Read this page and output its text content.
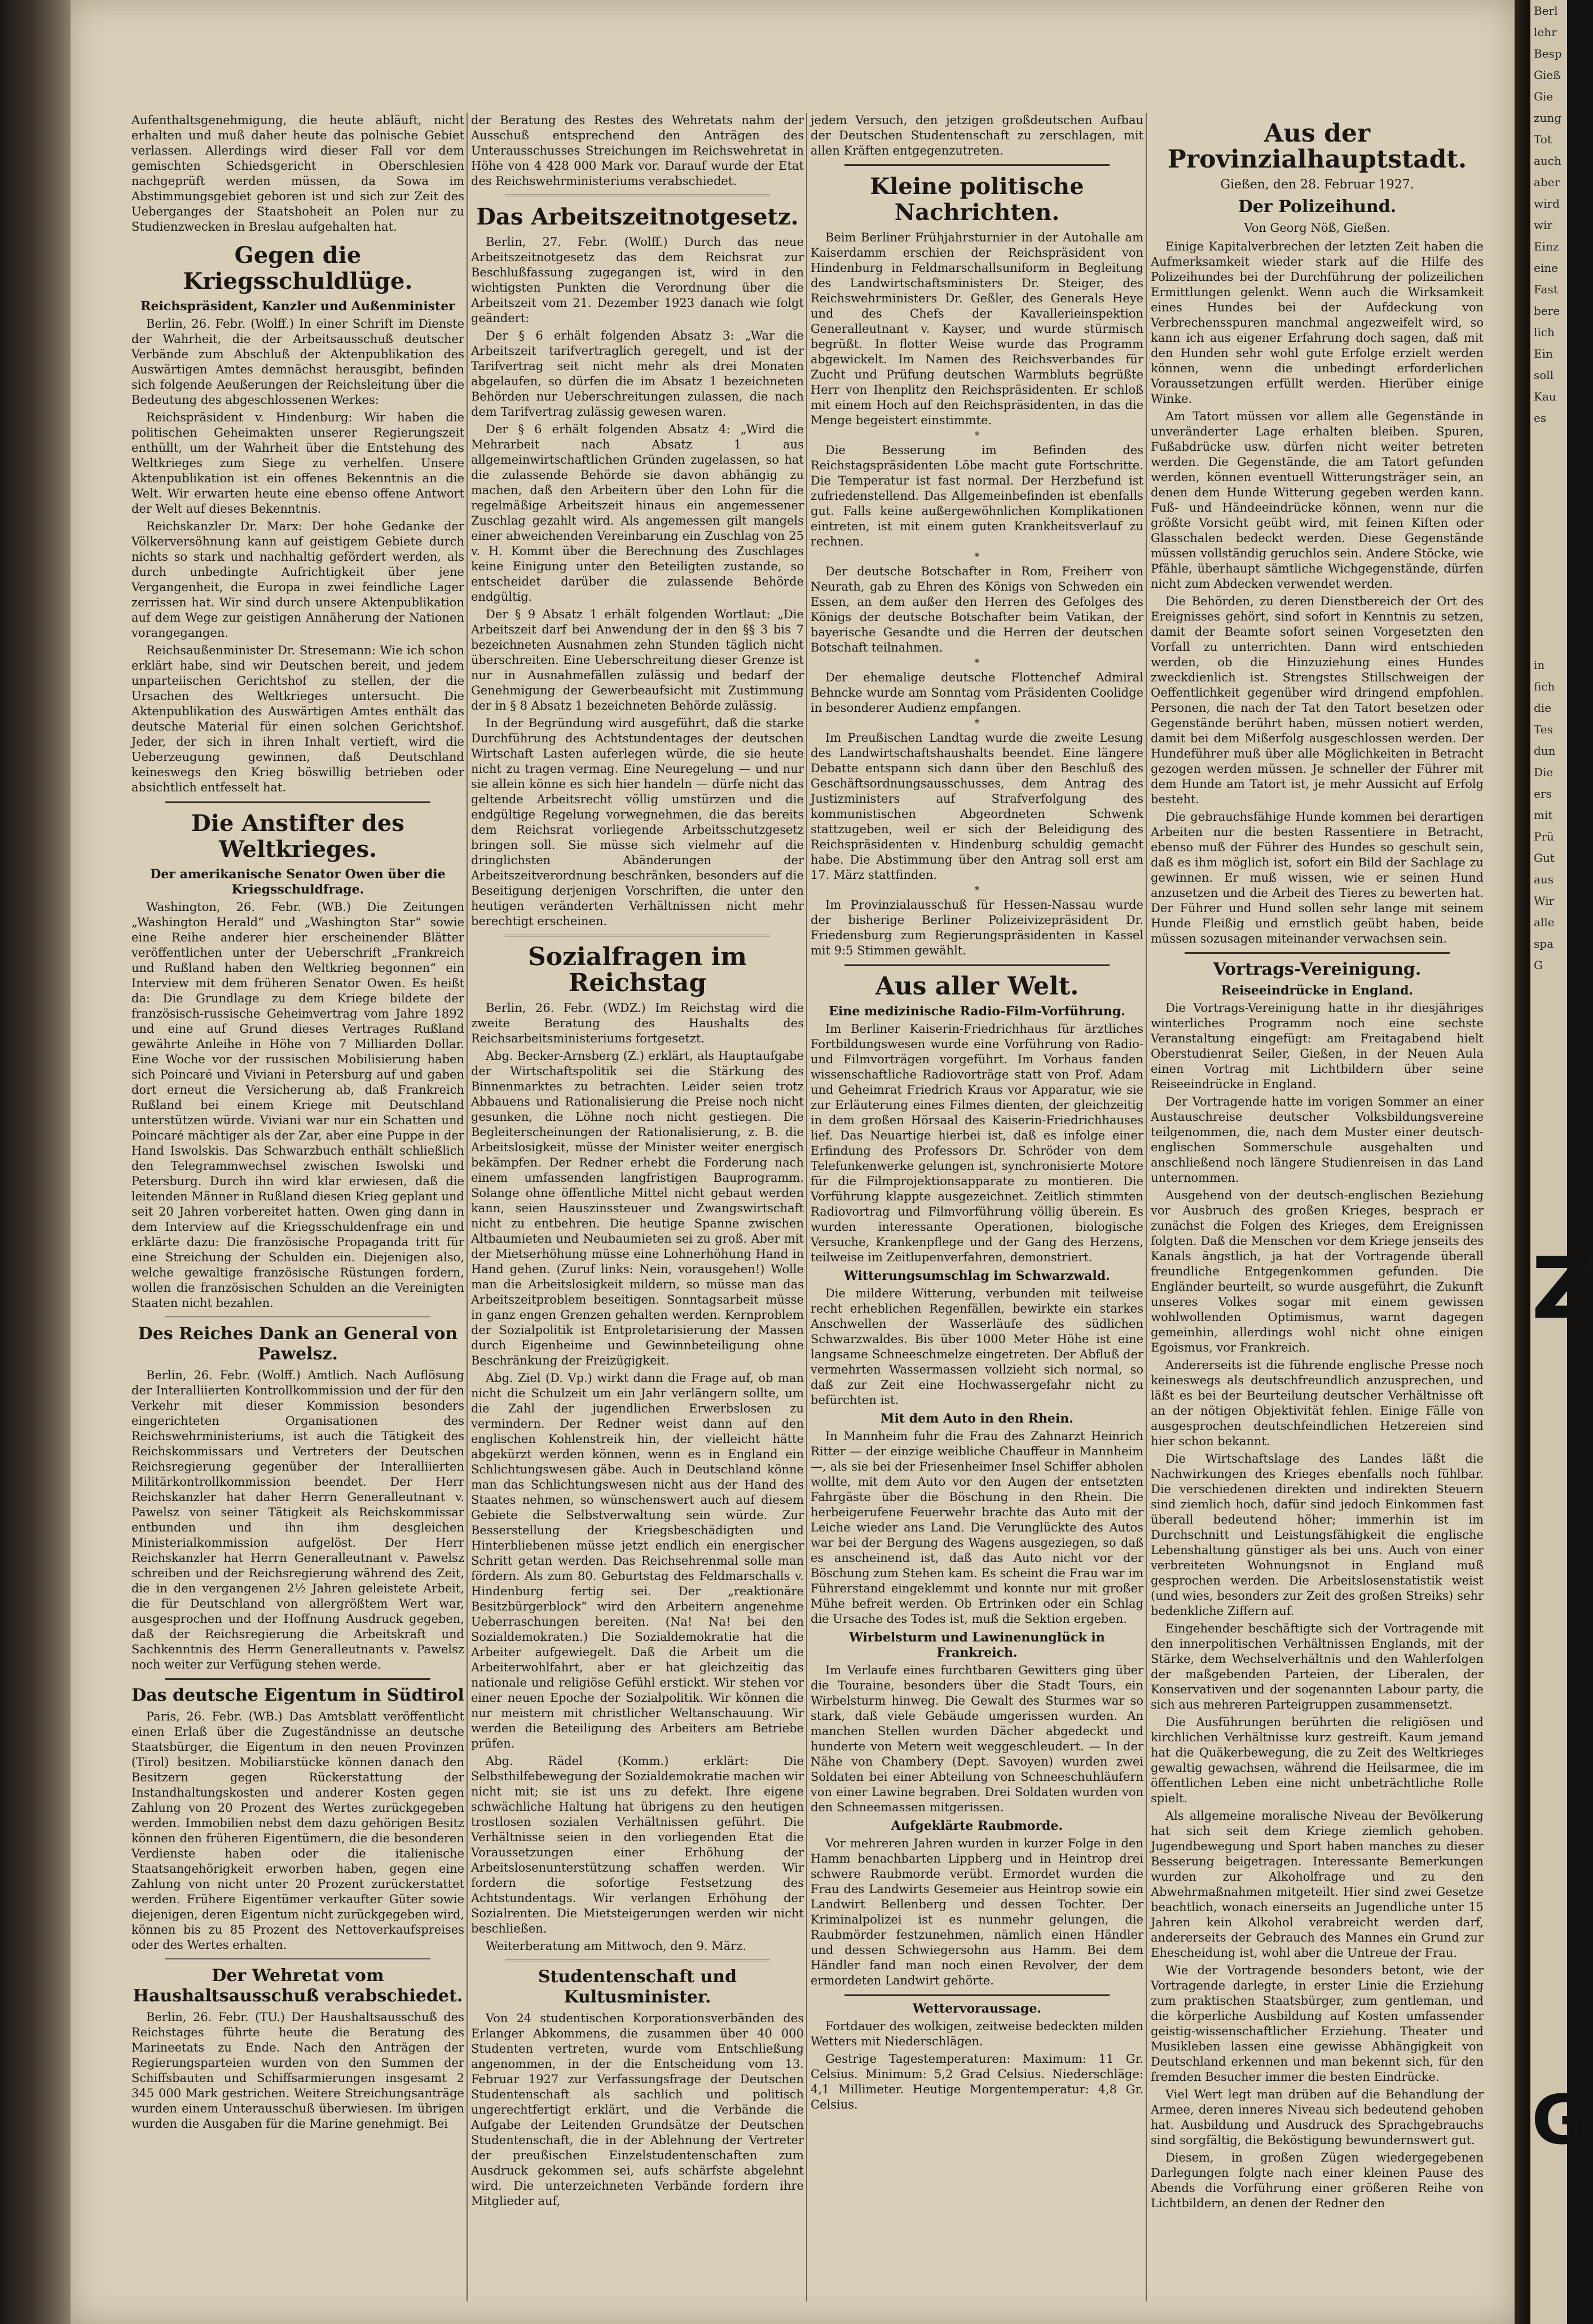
Aufenthaltsgenehmigung, die heute abläuft, nicht erhalten und muß daher heute das polnische Gebiet verlassen. Allerdings wird dieser Fall vor dem gemischten Schiedsgericht in Oberschlesien nachgeprüft werden müssen, da Sowa im Abstimmungsgebiet geboren ist und sich zur Zeit des Ueberganges der Staatshoheit an Polen nur zu Studienzwecken in Breslau aufgehalten hat.

Gegen die Kriegsschuldlüge.
Reichspräsident, Kanzler und Außenminister

Berlin, 26. Febr. (Wolff.) In einer Schrift im Dienste der Wahrheit, die der Arbeitsausschuß deutscher Verbände zum Abschluß der Aktenpublikation des Auswärtigen Amtes demnächst herausgibt, befinden sich folgende Aeußerungen der Reichsleitung über die Bedeutung des abgeschlossenen Werkes:

Reichspräsident v. Hindenburg: Wir haben die politischen Geheimakten unserer Regierungszeit enthüllt, um der Wahrheit über die Entstehung des Weltkrieges zum Siege zu verhelfen. Unsere Aktenpublikation ist ein offenes Bekenntnis an die Welt. Wir erwarten heute eine ebenso offene Antwort der Welt auf dieses Bekenntnis.

Reichskanzler Dr. Marx: Der hohe Gedanke der Völkerversöhnung kann auf geistigem Gebiete durch nichts so stark und nachhaltig gefördert werden, als durch unbedingte Aufrichtigkeit über jene Vergangenheit, die Europa in zwei feindliche Lager zerrissen hat. Wir sind durch unsere Aktenpublikation auf dem Wege zur geistigen Annäherung der Nationen vorangegangen.

Reichsaußenminister Dr. Stresemann: Wie ich schon erklärt habe, sind wir Deutschen bereit, und jedem unparteiischen Gerichtshof zu stellen, der die Ursachen des Weltkrieges untersucht. Die Aktenpublikation des Auswärtigen Amtes enthält das deutsche Material für einen solchen Gerichtshof. Jeder, der sich in ihren Inhalt vertieft, wird die Ueberzeugung gewinnen, daß Deutschland keineswegs den Krieg böswillig betrieben oder absichtlich entfesselt hat.

Die Anstifter des Weltkrieges.
Der amerikanische Senator Owen über die Kriegsschuldfrage.

Washington, 26. Febr. (WB.) Die Zeitungen „Washington Herald“ und „Washington Star“ sowie eine Reihe anderer hier erscheinender Blätter veröffentlichen unter der Ueberschrift „Frankreich und Rußland haben den Weltkrieg begonnen“ ein Interview mit dem früheren Senator Owen. Es heißt da: Die Grundlage zu dem Kriege bildete der französisch-russische Geheimvertrag vom Jahre 1892 und eine auf Grund dieses Vertrages Rußland gewährte Anleihe in Höhe von 7 Milliarden Dollar. Eine Woche vor der russischen Mobilisierung haben sich Poincaré und Viviani in Petersburg auf und gaben dort erneut die Versicherung ab, daß Frankreich Rußland bei einem Kriege mit Deutschland unterstützen würde. Viviani war nur ein Schatten und Poincaré mächtiger als der Zar, aber eine Puppe in der Hand Iswolskis. Das Schwarzbuch enthält schließlich den Telegrammwechsel zwischen Iswolski und Petersburg. Durch ihn wird klar erwiesen, daß die leitenden Männer in Rußland diesen Krieg geplant und seit 20 Jahren vorbereitet hatten. Owen ging dann in dem Interview auf die Kriegsschuldenfrage ein und erklärte dazu: Die französische Propaganda tritt für eine Streichung der Schulden ein. Diejenigen also, welche gewaltige französische Rüstungen fordern, wollen die französischen Schulden an die Vereinigten Staaten nicht bezahlen.

Des Reiches Dank an General von Pawelsz.

Berlin, 26. Febr. (Wolff.) Amtlich. Nach Auflösung der Interalliierten Kontrollkommission und der für den Verkehr mit dieser Kommission besonders eingerichteten Organisationen des Reichswehrministeriums, ist auch die Tätigkeit des Reichskommissars und Vertreters der Deutschen Reichsregierung gegenüber der Interalliierten Militärkontrollkommission beendet. Der Herr Reichskanzler hat daher Herrn Generalleutnant v. Pawelsz von seiner Tätigkeit als Reichskommissar entbunden und ihn ihm desgleichen Ministerialkommission aufgelöst. Der Herr Reichskanzler hat Herrn Generalleutnant v. Pawelsz schreiben und der Reichsregierung während des Zeit, die in den vergangenen 2½ Jahren geleistete Arbeit, die für Deutschland von allergrößtem Wert war, ausgesprochen und der Hoffnung Ausdruck gegeben, daß der Reichsregierung die Arbeitskraft und Sachkenntnis des Herrn Generalleutnants v. Pawelsz noch weiter zur Verfügung stehen werde.

Das deutsche Eigentum in Südtirol

Paris, 26. Febr. (WB.) Das Amtsblatt veröffentlicht einen Erlaß über die Zugeständnisse an deutsche Staatsbürger, die Eigentum in den neuen Provinzen (Tirol) besitzen. Mobiliarstücke können danach den Besitzern gegen Rückerstattung der Instandhaltungskosten und anderer Kosten gegen Zahlung von 20 Prozent des Wertes zurückgegeben werden. Immobilien nebst dem dazu gehörigen Besitz können den früheren Eigentümern, die die besonderen Verdienste haben oder die italienische Staatsangehörigkeit erworben haben, gegen eine Zahlung von nicht unter 20 Prozent zurückerstattet werden. Frühere Eigentümer verkaufter Güter sowie diejenigen, deren Eigentum nicht zurückgegeben wird, können bis zu 85 Prozent des Nettoverkaufspreises oder des Wertes erhalten.

Der Wehretat vom Haushaltsausschuß verabschiedet.

Berlin, 26. Febr. (TU.) Der Haushaltsausschuß des Reichstages führte heute die Beratung des Marineetats zu Ende. Nach den Anträgen der Regierungsparteien wurden von den Summen der Schiffsbauten und Schiffsarmierungen insgesamt 2 345 000 Mark gestrichen. Weitere Streichungsanträge wurden einem Unterausschuß überwiesen. Im übrigen wurden die Ausgaben für die Marine genehmigt. Bei

der Beratung des Restes des Wehretats nahm der Ausschuß entsprechend den Anträgen des Unterausschusses Streichungen im Reichswehretat in Höhe von 4 428 000 Mark vor. Darauf wurde der Etat des Reichswehrministeriums verabschiedet.

Das Arbeitszeitnotgesetz.

Berlin, 27. Febr. (Wolff.) Durch das neue Arbeitszeitnotgesetz das dem Reichsrat zur Beschlußfassung zugegangen ist, wird in den wichtigsten Punkten die Verordnung über die Arbeitszeit vom 21. Dezember 1923 danach wie folgt geändert:

Der § 6 erhält folgenden Absatz 3: „War die Arbeitszeit tarifvertraglich geregelt, und ist der Tarifvertrag seit nicht mehr als drei Monaten abgelaufen, so dürfen die im Absatz 1 bezeichneten Behörden nur Ueberschreitungen zulassen, die nach dem Tarifvertrag zulässig gewesen waren.

Der § 6 erhält folgenden Absatz 4: „Wird die Mehrarbeit nach Absatz 1 aus allgemeinwirtschaftlichen Gründen zugelassen, so hat die zulassende Behörde sie davon abhängig zu machen, daß den Arbeitern über den Lohn für die regelmäßige Arbeitszeit hinaus ein angemessener Zuschlag gezahlt wird. Als angemessen gilt mangels einer abweichenden Vereinbarung ein Zuschlag von 25 v. H. Kommt über die Berechnung des Zuschlages keine Einigung unter den Beteiligten zustande, so entscheidet darüber die zulassende Behörde endgültig.

Der § 9 Absatz 1 erhält folgenden Wortlaut: „Die Arbeitszeit darf bei Anwendung der in den §§ 3 bis 7 bezeichneten Ausnahmen zehn Stunden täglich nicht überschreiten. Eine Ueberschreitung dieser Grenze ist nur in Ausnahmefällen zulässig und bedarf der Genehmigung der Gewerbeaufsicht mit Zustimmung der in § 8 Absatz 1 bezeichneten Behörde zulässig.

In der Begründung wird ausgeführt, daß die starke Durchführung des Achtstundentages der deutschen Wirtschaft Lasten auferlegen würde, die sie heute nicht zu tragen vermag. Eine Neuregelung — und nur sie allein könne es sich hier handeln — dürfe nicht das geltende Arbeitsrecht völlig umstürzen und die endgültige Regelung vorwegnehmen, die das bereits dem Reichsrat vorliegende Arbeitsschutzgesetz bringen soll. Sie müsse sich vielmehr auf die dringlichsten Abänderungen der Arbeitszeitverordnung beschränken, besonders auf die Beseitigung derjenigen Vorschriften, die unter den heutigen veränderten Verhältnissen nicht mehr berechtigt erscheinen.

Sozialfragen im Reichstag

Berlin, 26. Febr. (WDZ.) Im Reichstag wird die zweite Beratung des Haushalts des Reichsarbeitsministeriums fortgesetzt.

Abg. Becker-Arnsberg (Z.) erklärt, als Hauptaufgabe der Wirtschaftspolitik sei die Stärkung des Binnenmarktes zu betrachten. Leider seien trotz Abbauens und Rationalisierung die Preise noch nicht gesunken, die Löhne noch nicht gestiegen. Die Begleiterscheinungen der Rationalisierung, z. B. die Arbeitslosigkeit, müsse der Minister weiter energisch bekämpfen. Der Redner erhebt die Forderung nach einem umfassenden langfristigen Bauprogramm. Solange ohne öffentliche Mittel nicht gebaut werden kann, seien Hauszinssteuer und Zwangswirtschaft nicht zu entbehren. Die heutige Spanne zwischen Altbaumieten und Neubaumieten sei zu groß. Aber mit der Mietserhöhung müsse eine Lohnerhöhung Hand in Hand gehen. (Zuruf links: Nein, vorausgehen!) Wolle man die Arbeitslosigkeit mildern, so müsse man das Arbeitszeitproblem beseitigen. Sonntagsarbeit müsse in ganz engen Grenzen gehalten werden. Kernproblem der Sozialpolitik ist Entproletarisierung der Massen durch Eigenheime und Gewinnbeteiligung ohne Beschränkung der Freizügigkeit.

Abg. Ziel (D. Vp.) wirkt dann die Frage auf, ob man nicht die Schulzeit um ein Jahr verlängern sollte, um die Zahl der jugendlichen Erwerbslosen zu vermindern. Der Redner weist dann auf den englischen Kohlenstreik hin, der vielleicht hätte abgekürzt werden können, wenn es in England ein Schlichtungswesen gäbe. Auch in Deutschland könne man das Schlichtungswesen nicht aus der Hand des Staates nehmen, so wünschenswert auch auf diesem Gebiete die Selbstverwaltung sein würde. Zur Besserstellung der Kriegsbeschädigten und Hinterbliebenen müsse jetzt endlich ein energischer Schritt getan werden. Das Reichsehrenmal solle man fördern. Als zum 80. Geburtstag des Feldmarschalls v. Hindenburg fertig sei. Der „reaktionäre Besitzbürgerblock“ wird den Arbeitern angenehme Ueberraschungen bereiten. (Na! Na! bei den Sozialdemokraten.) Die Sozialdemokratie hat die Arbeiter aufgewiegelt. Daß die Arbeit um die Arbeiterwohlfahrt, aber er hat gleichzeitig das nationale und religiöse Gefühl erstickt. Wir stehen vor einer neuen Epoche der Sozialpolitik. Wir können die nur meistern mit christlicher Weltanschauung. Wir werden die Beteiligung des Arbeiters am Betriebe prüfen.

Abg. Rädel (Komm.) erklärt: Die Selbsthilfebewegung der Sozialdemokratie machen wir nicht mit; sie ist uns zu defekt. Ihre eigene schwächliche Haltung hat übrigens zu den heutigen trostlosen sozialen Verhältnissen geführt. Die Verhältnisse seien in den vorliegenden Etat die Voraussetzungen einer Erhöhung der Arbeitslosenunterstützung schaffen werden. Wir fordern die sofortige Festsetzung des Achtstundentags. Wir verlangen Erhöhung der Sozialrenten. Die Mietsteigerungen werden wir nicht beschließen.

Weiterberatung am Mittwoch, den 9. März.

Studentenschaft und Kultusminister.

Von 24 studentischen Korporationsverbänden des Erlanger Abkommens, die zusammen über 40 000 Studenten vertreten, wurde vom Entschließung angenommen, in der die Entscheidung vom 13. Februar 1927 zur Verfassungsfrage der Deutschen Studentenschaft als sachlich und politisch ungerechtfertigt erklärt, und die Verbände die Aufgabe der Leitenden Grundsätze der Deutschen Studentenschaft, die in der Ablehnung der Vertreter der preußischen Einzelstudentenschaften zum Ausdruck gekommen sei, aufs schärfste abgelehnt wird. Die unterzeichneten Verbände fordern ihre Mitglieder auf,

jedem Versuch, den jetzigen großdeutschen Aufbau der Deutschen Studentenschaft zu zerschlagen, mit allen Kräften entgegenzutreten.

Kleine politische Nachrichten.

Beim Berliner Frühjahrsturnier in der Autohalle am Kaiserdamm erschien der Reichspräsident von Hindenburg in Feldmarschallsuniform in Begleitung des Landwirtschaftsministers Dr. Steiger, des Reichswehrministers Dr. Geßler, des Generals Heye und des Chefs der Kavallerieinspektion Generalleutnant v. Kayser, und wurde stürmisch begrüßt. In flotter Weise wurde das Programm abgewickelt. Im Namen des Reichsverbandes für Zucht und Prüfung deutschen Warmbluts begrüßte Herr von Ihenplitz den Reichspräsidenten. Er schloß mit einem Hoch auf den Reichspräsidenten, in das die Menge begeistert einstimmte.

*

Die Besserung im Befinden des Reichstagspräsidenten Löbe macht gute Fortschritte. Die Temperatur ist fast normal. Der Herzbefund ist zufriedenstellend. Das Allgemeinbefinden ist ebenfalls gut. Falls keine außergewöhnlichen Komplikationen eintreten, ist mit einem guten Krankheitsverlauf zu rechnen.

*

Der deutsche Botschafter in Rom, Freiherr von Neurath, gab zu Ehren des Königs von Schweden ein Essen, an dem außer den Herren des Gefolges des Königs der deutsche Botschafter beim Vatikan, der bayerische Gesandte und die Herren der deutschen Botschaft teilnahmen.

*

Der ehemalige deutsche Flottenchef Admiral Behncke wurde am Sonntag vom Präsidenten Coolidge in besonderer Audienz empfangen.

*

Im Preußischen Landtag wurde die zweite Lesung des Landwirtschaftshaushalts beendet. Eine längere Debatte entspann sich dann über den Beschluß des Geschäftsordnungsausschusses, dem Antrag des Justizministers auf Strafverfolgung des kommunistischen Abgeordneten Schwenk stattzugeben, weil er sich der Beleidigung des Reichspräsidenten v. Hindenburg schuldig gemacht habe. Die Abstimmung über den Antrag soll erst am 17. März stattfinden.

*

Im Provinzialausschuß für Hessen-Nassau wurde der bisherige Berliner Polizeivizepräsident Dr. Friedensburg zum Regierungspräsidenten in Kassel mit 9:5 Stimmen gewählt.

Aus aller Welt.
Eine medizinische Radio-Film-Vorführung.

Im Berliner Kaiserin-Friedrichhaus für ärztliches Fortbildungswesen wurde eine Vorführung von Radio- und Filmvorträgen vorgeführt. Im Vorhaus fanden wissenschaftliche Radiovorträge statt von Prof. Adam und Geheimrat Friedrich Kraus vor Apparatur, wie sie zur Erläuterung eines Filmes dienten, der gleichzeitig in dem großen Hörsaal des Kaiserin-Friedrichhauses lief. Das Neuartige hierbei ist, daß es infolge einer Erfindung des Professors Dr. Schröder von dem Telefunkenwerke gelungen ist, synchronisierte Motore für die Filmprojektionsapparate zu montieren. Die Vorführung klappte ausgezeichnet. Zeitlich stimmten Radiovortrag und Filmvorführung völlig überein. Es wurden interessante Operationen, biologische Versuche, Krankenpflege und der Gang des Herzens, teilweise im Zeitlupenverfahren, demonstriert.

Witterungsumschlag im Schwarzwald.

Die mildere Witterung, verbunden mit teilweise recht erheblichen Regenfällen, bewirkte ein starkes Anschwellen der Wasserläufe des südlichen Schwarzwaldes. Bis über 1000 Meter Höhe ist eine langsame Schneeschmelze eingetreten. Der Abfluß der vermehrten Wassermassen vollzieht sich normal, so daß zur Zeit eine Hochwassergefahr nicht zu befürchten ist.

Mit dem Auto in den Rhein.

In Mannheim fuhr die Frau des Zahnarzt Heinrich Ritter — der einzige weibliche Chauffeur in Mannheim —, als sie bei der Friesenheimer Insel Schiffer abholen wollte, mit dem Auto vor den Augen der entsetzten Fahrgäste über die Böschung in den Rhein. Die herbeigerufene Feuerwehr brachte das Auto mit der Leiche wieder ans Land. Die Verunglückte des Autos war bei der Bergung des Wagens ausgeziegen, so daß es anscheinend ist, daß das Auto nicht vor der Böschung zum Stehen kam. Es scheint die Frau war im Führerstand eingeklemmt und konnte nur mit großer Mühe befreit werden. Ob Ertrinken oder ein Schlag die Ursache des Todes ist, muß die Sektion ergeben.

Wirbelsturm und Lawinenunglück in Frankreich.

Im Verlaufe eines furchtbaren Gewitters ging über die Touraine, besonders über die Stadt Tours, ein Wirbelsturm hinweg. Die Gewalt des Sturmes war so stark, daß viele Gebäude umgerissen wurden. An manchen Stellen wurden Dächer abgedeckt und hunderte von Metern weit weggeschleudert. — In der Nähe von Chambery (Dept. Savoyen) wurden zwei Soldaten bei einer Abteilung von Schneeschuhläufern von einer Lawine begraben. Drei Soldaten wurden von den Schneemassen mitgerissen.

Aufgeklärte Raubmorde.

Vor mehreren Jahren wurden in kurzer Folge in den Hamm benachbarten Lippberg und in Heintrop drei schwere Raubmorde verübt. Ermordet wurden die Frau des Landwirts Gesemeier aus Heintrop sowie ein Landwirt Bellenberg und dessen Tochter. Der Kriminalpolizei ist es nunmehr gelungen, die Raubmörder festzunehmen, nämlich einen Händler und dessen Schwiegersohn aus Hamm. Bei dem Händler fand man noch einen Revolver, der dem ermordeten Landwirt gehörte.

Wettervoraussage.

Fortdauer des wolkigen, zeitweise bedeckten milden Wetters mit Niederschlägen.

Gestrige Tagestemperaturen: Maximum: 11 Gr. Celsius. Minimum: 5,2 Grad Celsius. Niederschläge: 4,1 Millimeter. Heutige Morgentemperatur: 4,8 Gr. Celsius.

Aus der Provinzialhauptstadt.
Gießen, den 28. Februar 1927.
Der Polizeihund.
Von Georg Nöß, Gießen.

Einige Kapitalverbrechen der letzten Zeit haben die Aufmerksamkeit wieder stark auf die Hilfe des Polizeihundes bei der Durchführung der polizeilichen Ermittlungen gelenkt. Wenn auch die Wirksamkeit eines Hundes bei der Aufdeckung von Verbrechensspuren manchmal angezweifelt wird, so kann ich aus eigener Erfahrung doch sagen, daß mit den Hunden sehr wohl gute Erfolge erzielt werden können, wenn die unbedingt erforderlichen Voraussetzungen erfüllt werden. Hierüber einige Winke.

Am Tatort müssen vor allem alle Gegenstände in unveränderter Lage erhalten bleiben. Spuren, Fußabdrücke usw. dürfen nicht weiter betreten werden. Die Gegenstände, die am Tatort gefunden werden, können eventuell Witterungsträger sein, an denen dem Hunde Witterung gegeben werden kann. Fuß- und Händeeindrücke können, wenn nur die größte Vorsicht geübt wird, mit feinen Kiften oder Glasschalen bedeckt werden. Diese Gegenstände müssen vollständig geruchlos sein. Andere Stöcke, wie Pfähle, überhaupt sämtliche Wichgegenstände, dürfen nicht zum Abdecken verwendet werden.

Die Behörden, zu deren Dienstbereich der Ort des Ereignisses gehört, sind sofort in Kenntnis zu setzen, damit der Beamte sofort seinen Vorgesetzten den Vorfall zu unterrichten. Dann wird entschieden werden, ob die Hinzuziehung eines Hundes zweckdienlich ist. Strengstes Stillschweigen der Oeffentlichkeit gegenüber wird dringend empfohlen. Personen, die nach der Tat den Tatort besetzen oder Gegenstände berührt haben, müssen notiert werden, damit bei dem Mißerfolg ausgeschlossen werden. Der Hundeführer muß über alle Möglichkeiten in Betracht gezogen werden müssen. Je schneller der Führer mit dem Hunde am Tatort ist, je mehr Aussicht auf Erfolg besteht.

Die gebrauchsfähige Hunde kommen bei derartigen Arbeiten nur die besten Rassentiere in Betracht, ebenso muß der Führer des Hundes so geschult sein, daß es ihm möglich ist, sofort ein Bild der Sachlage zu gewinnen. Er muß wissen, wie er seinen Hund anzusetzen und die Arbeit des Tieres zu bewerten hat. Der Führer und Hund sollen sehr lange mit seinem Hunde Fleißig und ernstlich geübt haben, beide müssen sozusagen miteinander verwachsen sein.

Vortrags-Vereinigung.
Reiseeindrücke in England.

Die Vortrags-Vereinigung hatte in ihr diesjähriges winterliches Programm noch eine sechste Veranstaltung eingefügt: am Freitagabend hielt Oberstudienrat Seiler, Gießen, in der Neuen Aula einen Vortrag mit Lichtbildern über seine Reiseeindrücke in England.

Der Vortragende hatte im vorigen Sommer an einer Austauschreise deutscher Volksbildungsvereine teilgenommen, die, nach dem Muster einer deutsch-englischen Sommerschule ausgehalten und anschließend noch längere Studienreisen in das Land unternommen.

Ausgehend von der deutsch-englischen Beziehung vor Ausbruch des großen Krieges, besprach er zunächst die Folgen des Krieges, dem Ereignissen folgten. Daß die Menschen vor dem Kriege jenseits des Kanals ängstlich, ja hat der Vortragende überall freundliche Entgegenkommen gefunden. Die Engländer beurteilt, so wurde ausgeführt, die Zukunft unseres Volkes sogar mit einem gewissen wohlwollenden Optimismus, warnt dagegen gemeinhin, allerdings wohl nicht ohne einigen Egoismus, vor Frankreich.

Andererseits ist die führende englische Presse noch keineswegs als deutschfreundlich anzusprechen, und läßt es bei der Beurteilung deutscher Verhältnisse oft an der nötigen Objektivität fehlen. Einige Fälle von ausgesprochen deutschfeindlichen Hetzereien sind hier schon bekannt.

Die Wirtschaftslage des Landes läßt die Nachwirkungen des Krieges ebenfalls noch fühlbar. Die verschiedenen direkten und indirekten Steuern sind ziemlich hoch, dafür sind jedoch Einkommen fast überall bedeutend höher; immerhin ist im Durchschnitt und Leistungsfähigkeit die englische Lebenshaltung günstiger als bei uns. Auch von einer verbreiteten Wohnungsnot in England muß gesprochen werden. Die Arbeitslosenstatistik weist (und wies, besonders zur Zeit des großen Streiks) sehr bedenkliche Ziffern auf.

Eingehender beschäftigte sich der Vortragende mit den innerpolitischen Verhältnissen Englands, mit der Stärke, dem Wechselverhältnis und den Wahlerfolgen der maßgebenden Parteien, der Liberalen, der Konservativen und der sogenannten Labour party, die sich aus mehreren Parteigruppen zusammensetzt.

Die Ausführungen berührten die religiösen und kirchlichen Verhältnisse kurz gestreift. Kaum jemand hat die Quäkerbewegung, die zu Zeit des Weltkrieges gewaltig gewachsen, während die Heilsarmee, die im öffentlichen Leben eine nicht unbeträchtliche Rolle spielt.

Als allgemeine moralische Niveau der Bevölkerung hat sich seit dem Kriege ziemlich gehoben. Jugendbewegung und Sport haben manches zu dieser Besserung beigetragen. Interessante Bemerkungen wurden zur Alkoholfrage und zu den Abwehrmaßnahmen mitgeteilt. Hier sind zwei Gesetze beachtlich, wonach einerseits an Jugendliche unter 15 Jahren kein Alkohol verabreicht werden darf, andererseits der Gebrauch des Mannes ein Grund zur Ehescheidung ist, wohl aber die Untreue der Frau.

Wie der Vortragende besonders betont, wie der Vortragende darlegte, in erster Linie die Erziehung zum praktischen Staatsbürger, zum gentleman, und die körperliche Ausbildung auf Kosten umfassender geistig-wissenschaftlicher Erziehung. Theater und Musikleben lassen eine gewisse Abhängigkeit von Deutschland erkennen und man bekennt sich, für den fremden Besucher immer die besten Eindrücke.

Viel Wert legt man drüben auf die Behandlung der Armee, deren inneres Niveau sich bedeutend gehoben hat. Ausbildung und Ausdruck des Sprachgebrauchs sind sorgfältig, die Beköstigung bewundernswert gut.

Diesem, in großen Zügen wiedergegebenen Darlegungen folgte nach einer kleinen Pause des Abends die Vorführung einer größeren Reihe von Lichtbildern, an denen der Redner den

Berl
lehr
Besp
Gieß
Gie
zung
Tot
auch
aber
wird
wir
Einz
eine
Fast
bere
lich
Ein
soll
Kau
es
in
fich
die
Tes
dun
Die
ers
mit
Prü
Gut
aus
Wir
alle
spa
G
Z
G
